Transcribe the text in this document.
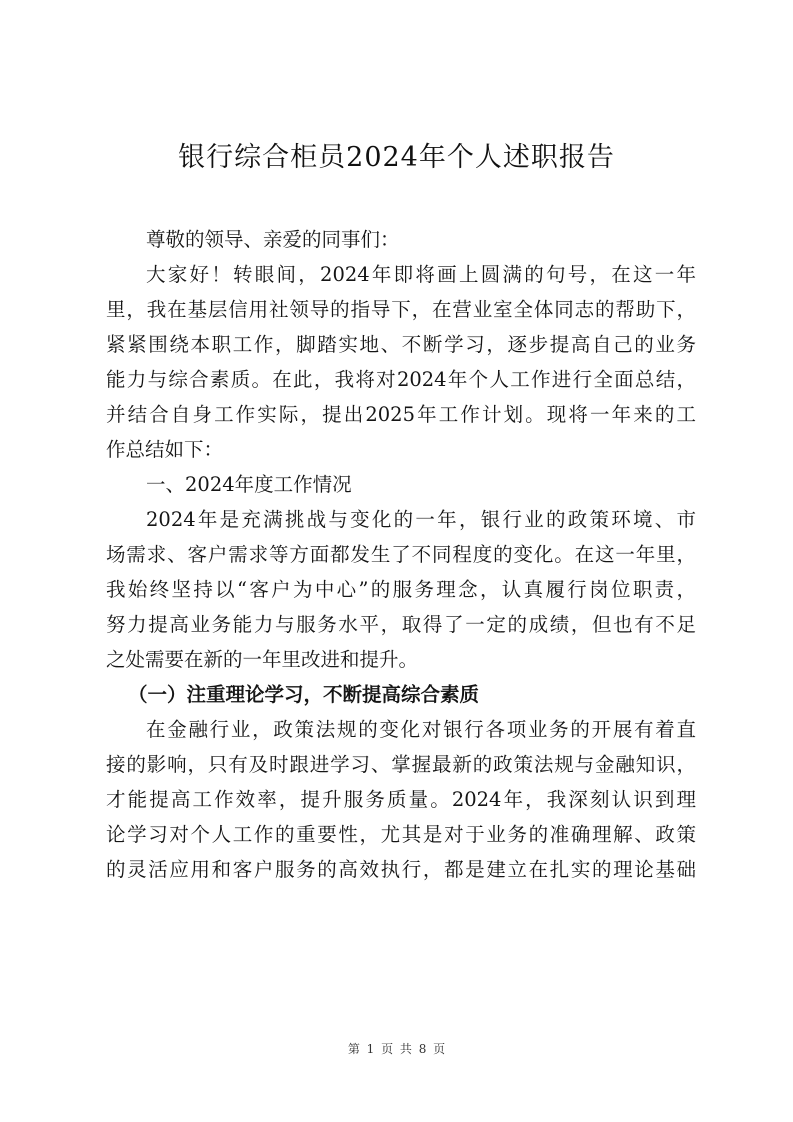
银行综合柜员2024年个人述职报告
尊敬的领导、亲爱的同事们：
大家好！转眼间，2024年即将画上圆满的句号，在这一年
里，我在基层信用社领导的指导下，在营业室全体同志的帮助下，
紧紧围绕本职工作，脚踏实地、不断学习，逐步提高自己的业务
能力与综合素质。在此，我将对2024年个人工作进行全面总结，
并结合自身工作实际，提出2025年工作计划。现将一年来的工
作总结如下：
一、2024年度工作情况
2024年是充满挑战与变化的一年，银行业的政策环境、市
场需求、客户需求等方面都发生了不同程度的变化。在这一年里，
我始终坚持以“客户为中心”的服务理念，认真履行岗位职责，
努力提高业务能力与服务水平，取得了一定的成绩，但也有不足
之处需要在新的一年里改进和提升。
（一）注重理论学习，不断提高综合素质
在金融行业，政策法规的变化对银行各项业务的开展有着直
接的影响，只有及时跟进学习、掌握最新的政策法规与金融知识，
才能提高工作效率，提升服务质量。2024年，我深刻认识到理
论学习对个人工作的重要性，尤其是对于业务的准确理解、政策
的灵活应用和客户服务的高效执行，都是建立在扎实的理论基础
第 1 页 共 8 页
